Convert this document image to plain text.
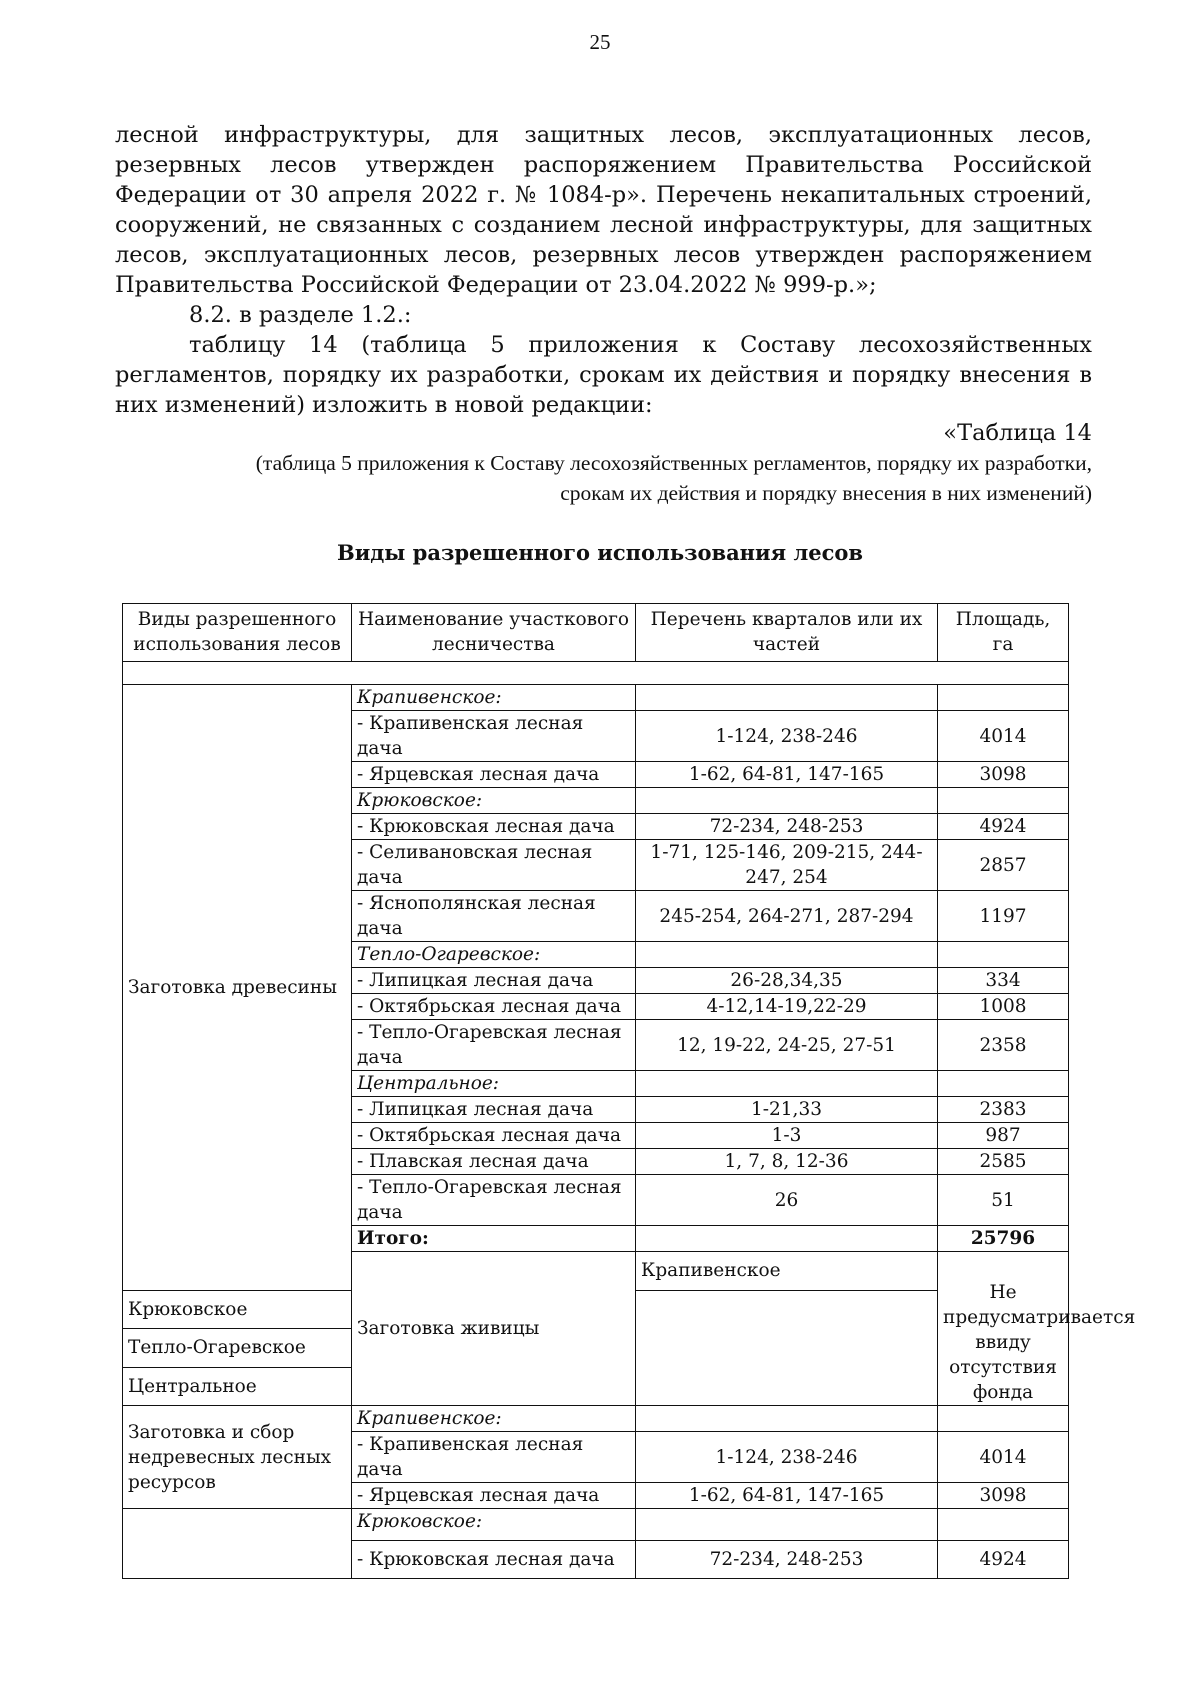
25

лесной инфраструктуры, для защитных лесов, эксплуатационных лесов, резервных лесов утвержден распоряжением Правительства Российской Федерации от 30 апреля 2022 г. № 1084-р». Перечень некапитальных строений, сооружений, не связанных с созданием лесной инфраструктуры, для защитных лесов, эксплуатационных лесов, резервных лесов утвержден распоряжением Правительства Российской Федерации от 23.04.2022 № 999-р.»;

8.2. в разделе 1.2.:

таблицу 14 (таблица 5 приложения к Составу лесохозяйственных регламентов, порядку их разработки, срокам их действия и порядку внесения в них изменений) изложить в новой редакции:

«Таблица 14
(таблица 5 приложения к Составу лесохозяйственных регламентов, порядку их разработки,
срокам их действия и порядку внесения в них изменений)
Виды разрешенного использования лесов
Виды разрешенного использования лесов	Наименование участкового лесничества	Перечень кварталов или их частей	Площадь, га

Заготовка древесины	Крапивенское:		
	- Крапивенская лесная дача	1-124, 238-246	4014
	- Ярцевская лесная дача	1-62, 64-81, 147-165	3098
	Крюковское:		
	- Крюковская лесная дача	72-234, 248-253	4924
	- Селивановская лесная дача	1-71, 125-146, 209-215, 244-247, 254	2857
	- Яснополянская лесная дача	245-254, 264-271, 287-294	1197
	Тепло-Огаревское:		
	- Липицкая лесная дача	26-28,34,35	334
	- Октябрьская лесная дача	4-12,14-19,22-29	1008
	- Тепло-Огаревская лесная дача	12, 19-22, 24-25, 27-51	2358
	Центральное:		
	- Липицкая лесная дача	1-21,33	2383
	- Октябрьская лесная дача	1-3	987
	- Плавская лесная дача	1, 7, 8, 12-36	2585
	- Тепло-Огаревская лесная дача	26	51
	Итого:		25796
	Заготовка живицы	Крапивенское	Не предусматривается ввиду отсутствия фонда
Крюковское			
Тепло-Огаревское			
Центральное			
Заготовка и сбор недревесных лесных ресурсов	Крапивенское:		
	- Крапивенская лесная дача	1-124, 238-246	4014
	- Ярцевская лесная дача	1-62, 64-81, 147-165	3098
	Крюковское:		
	- Крюковская лесная дача	72-234, 248-253	4924
